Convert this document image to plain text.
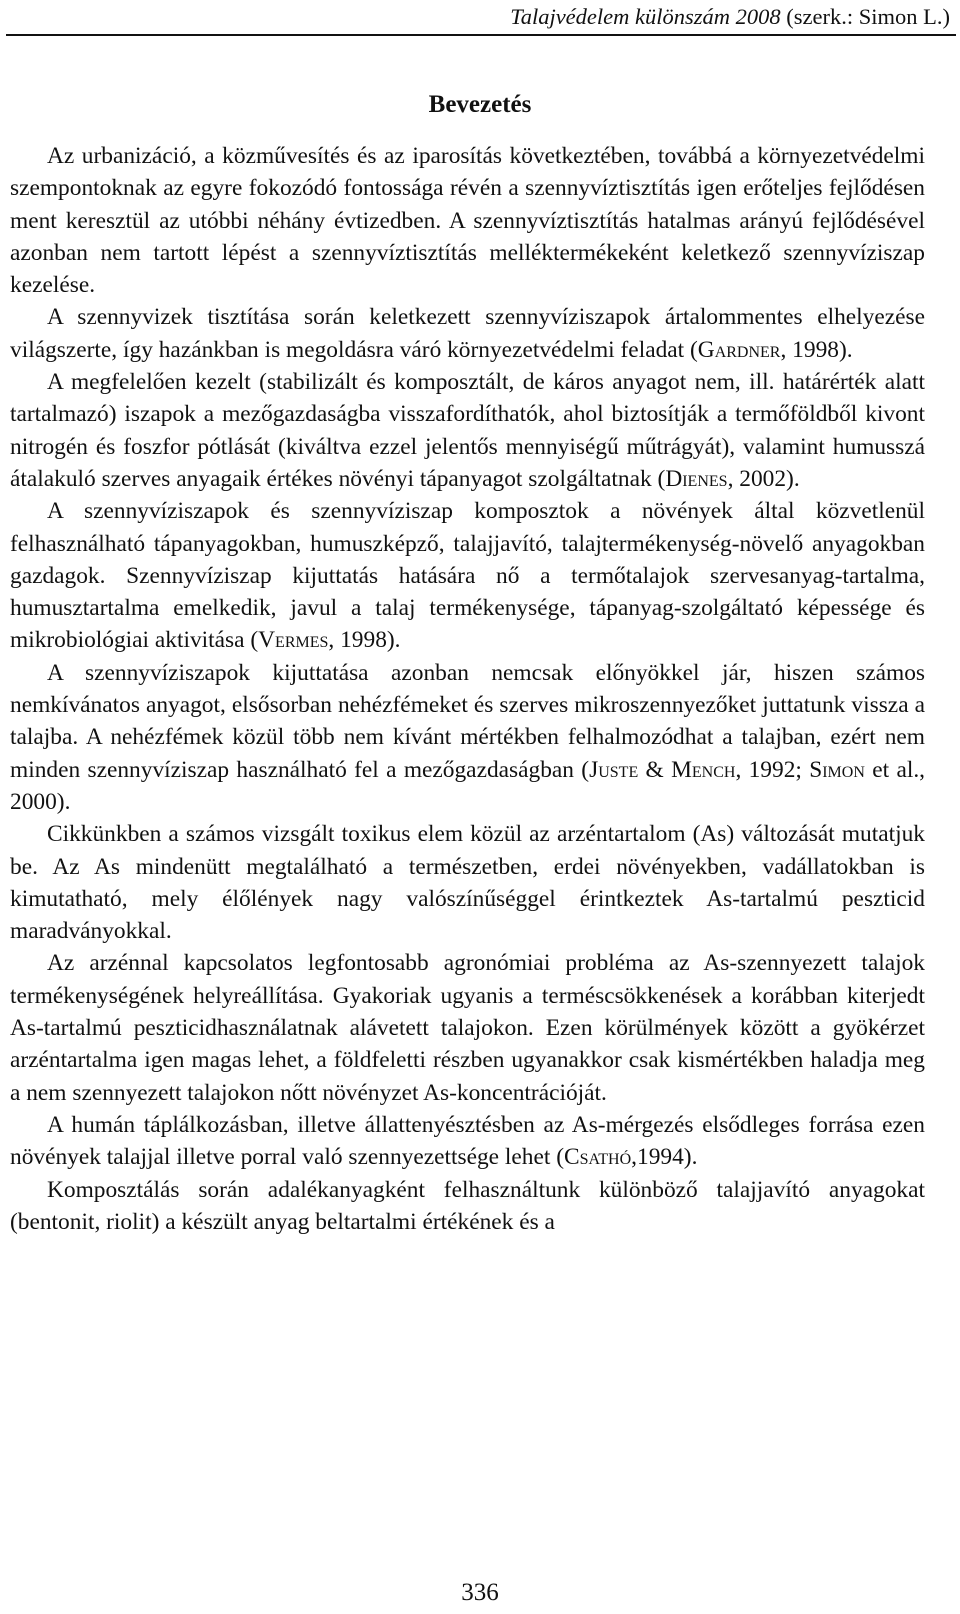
Talajvédelem különszám 2008 (szerk.: Simon L.)
Bevezetés

Az urbanizáció, a közművesítés és az iparosítás következtében, továbbá a környezetvédelmi szempontoknak az egyre fokozódó fontossága révén a szennyvíztisztítás igen erőteljes fejlődésen ment keresztül az utóbbi néhány évtizedben. A szennyvíztisztítás hatalmas arányú fejlődésével azonban nem tartott lépést a szennyvíztisztítás melléktermékeként keletkező szennyvíziszap kezelése.

A szennyvizek tisztítása során keletkezett szennyvíziszapok ártalommentes elhelyezése világszerte, így hazánkban is megoldásra váró környezetvédelmi feladat (Gardner, 1998).

A megfelelően kezelt (stabilizált és komposztált, de káros anyagot nem, ill. határérték alatt tartalmazó) iszapok a mezőgazdaságba visszafordíthatók, ahol biztosítják a termőföldből kivont nitrogén és foszfor pótlását (kiváltva ezzel jelentős mennyiségű műtrágyát), valamint humusszá átalakuló szerves anyagaik értékes növényi tápanyagot szolgáltatnak (Dienes, 2002).

A szennyvíziszapok és szennyvíziszap komposztok a növények által közvetlenül felhasználható tápanyagokban, humuszképző, talajjavító, talajtermékenység-növelő anyagokban gazdagok. Szennyvíziszap kijuttatás hatására nő a termőtalajok szervesanyag-tartalma, humusztartalma emelkedik, javul a talaj termékenysége, tápanyag-szolgáltató képessége és mikrobiológiai aktivitása (Vermes, 1998).

A szennyvíziszapok kijuttatása azonban nemcsak előnyökkel jár, hiszen számos nemkívánatos anyagot, elsősorban nehézfémeket és szerves mikroszennyezőket juttatunk vissza a talajba. A nehézfémek közül több nem kívánt mértékben felhalmozódhat a talajban, ezért nem minden szennyvíziszap használható fel a mezőgazdaságban (Juste & Mench, 1992; Simon et al., 2000).

Cikkünkben a számos vizsgált toxikus elem közül az arzéntartalom (As) változását mutatjuk be. Az As mindenütt megtalálható a természetben, erdei növényekben, vadállatokban is kimutatható, mely élőlények nagy valószínűséggel érintkeztek As-tartalmú peszticid maradványokkal.

Az arzénnal kapcsolatos legfontosabb agronómiai probléma az As-szennyezett talajok termékenységének helyreállítása. Gyakoriak ugyanis a terméscsökkenések a korábban kiterjedt As-tartalmú peszticidhasználatnak alávetett talajokon. Ezen körülmények között a gyökérzet arzéntartalma igen magas lehet, a földfeletti részben ugyanakkor csak kismértékben haladja meg a nem szennyezett talajokon nőtt növényzet As-koncentrációját.

A humán táplálkozásban, illetve állattenyésztésben az As-mérgezés elsődleges forrása ezen növények talajjal illetve porral való szennyezettsége lehet (Csathó,1994).

Komposztálás során adalékanyagként felhasználtunk különböző talajjavító anyagokat (bentonit, riolit) a készült anyag beltartalmi értékének és a

336
